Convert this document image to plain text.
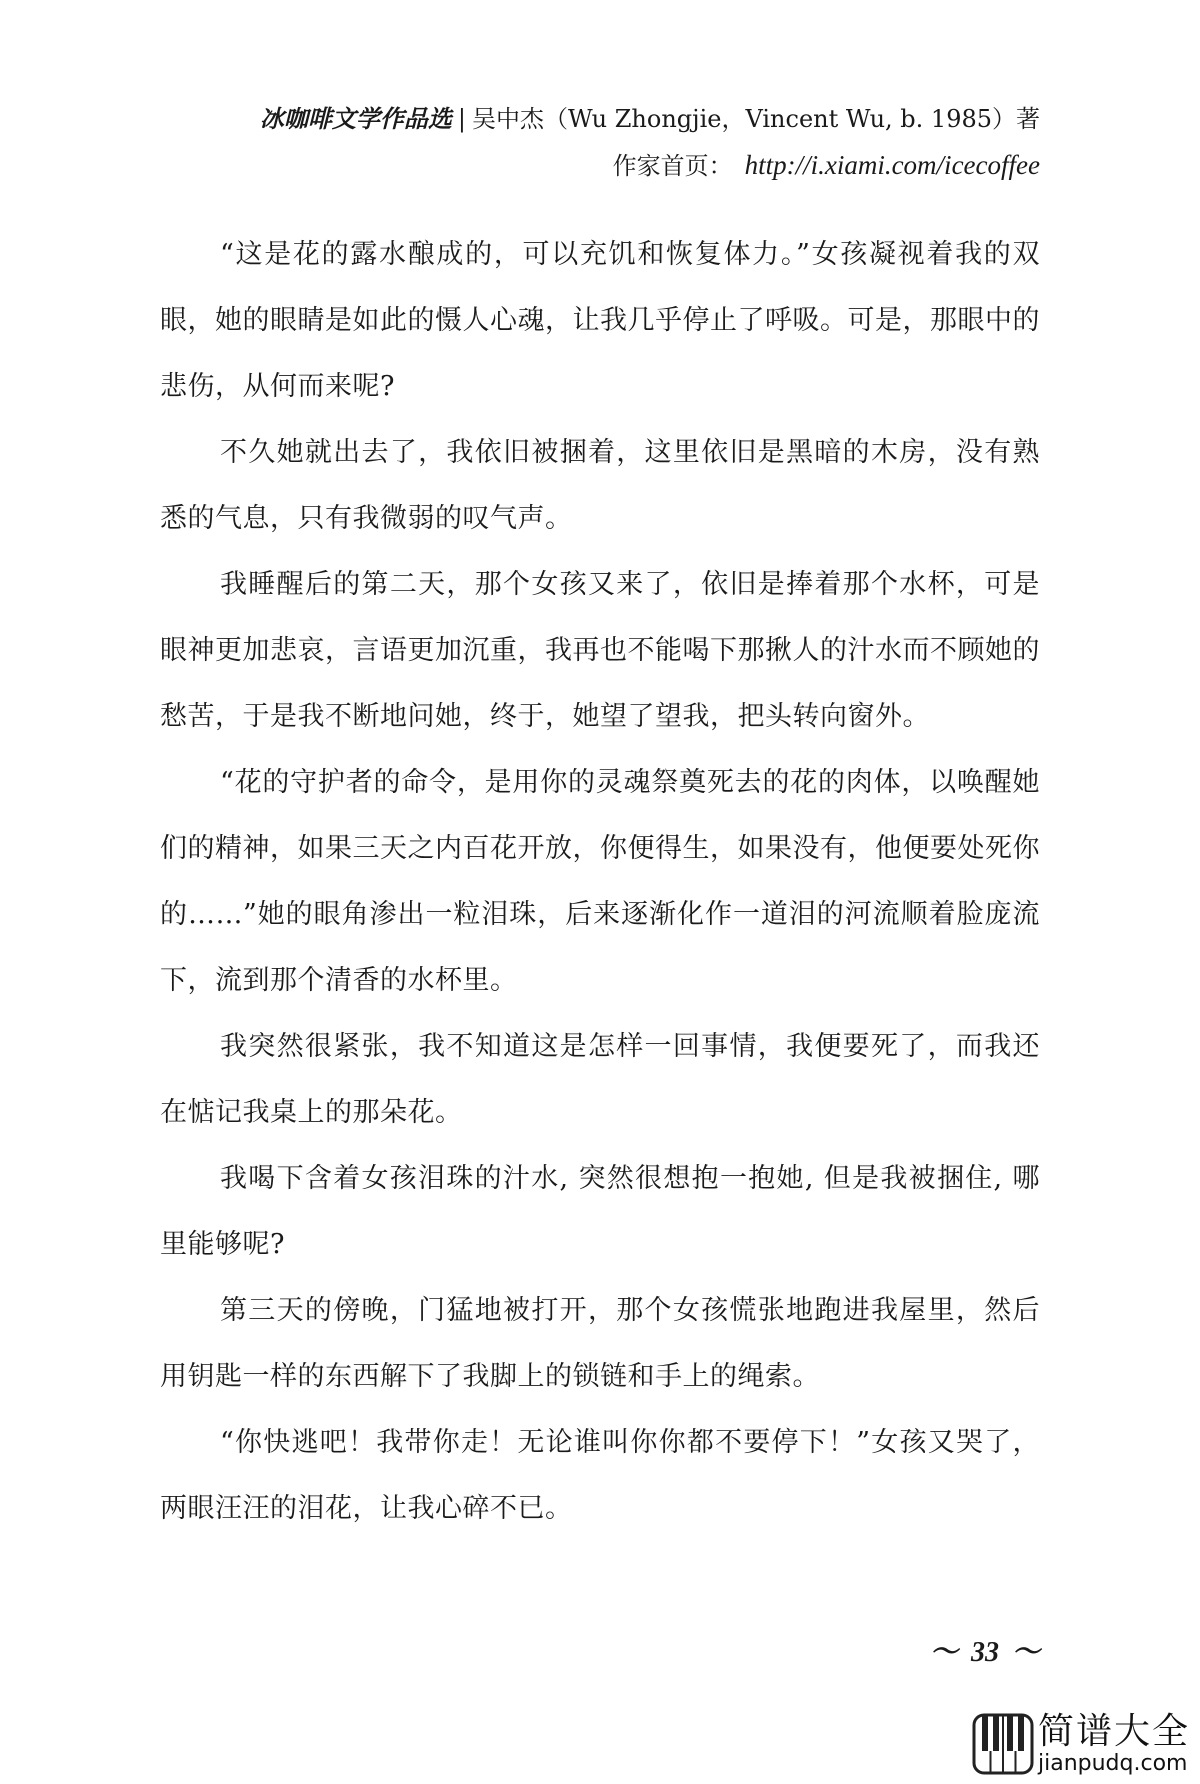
冰咖啡文学作品选 | 吴中杰（Wu Zhongjie，Vincent Wu, b. 1985）著
作家首页： http://i.xiami.com/icecoffee

“这是花的露水酿成的，可以充饥和恢复体力。”女孩凝视着我的双眼，她的眼睛是如此的慑人心魂，让我几乎停止了呼吸。可是，那眼中的悲伤，从何而来呢?

不久她就出去了，我依旧被捆着，这里依旧是黑暗的木房，没有熟悉的气息，只有我微弱的叹气声。

我睡醒后的第二天，那个女孩又来了，依旧是捧着那个水杯，可是眼神更加悲哀，言语更加沉重，我再也不能喝下那揪人的汁水而不顾她的愁苦，于是我不断地问她，终于，她望了望我，把头转向窗外。

“花的守护者的命令，是用你的灵魂祭奠死去的花的肉体，以唤醒她们的精神，如果三天之内百花开放，你便得生，如果没有，他便要处死你的……”她的眼角渗出一粒泪珠，后来逐渐化作一道泪的河流顺着脸庞流下，流到那个清香的水杯里。

我突然很紧张，我不知道这是怎样一回事情，我便要死了，而我还在惦记我桌上的那朵花。

我喝下含着女孩泪珠的汁水, 突然很想抱一抱她, 但是我被捆住, 哪里能够呢?

第三天的傍晚，门猛地被打开，那个女孩慌张地跑进我屋里，然后用钥匙一样的东西解下了我脚上的锁链和手上的绳索。

“你快逃吧！我带你走！无论谁叫你你都不要停下！”女孩又哭了，两眼汪汪的泪花，让我心碎不已。

～ 33 ～
简谱大全
jianpudq.com
